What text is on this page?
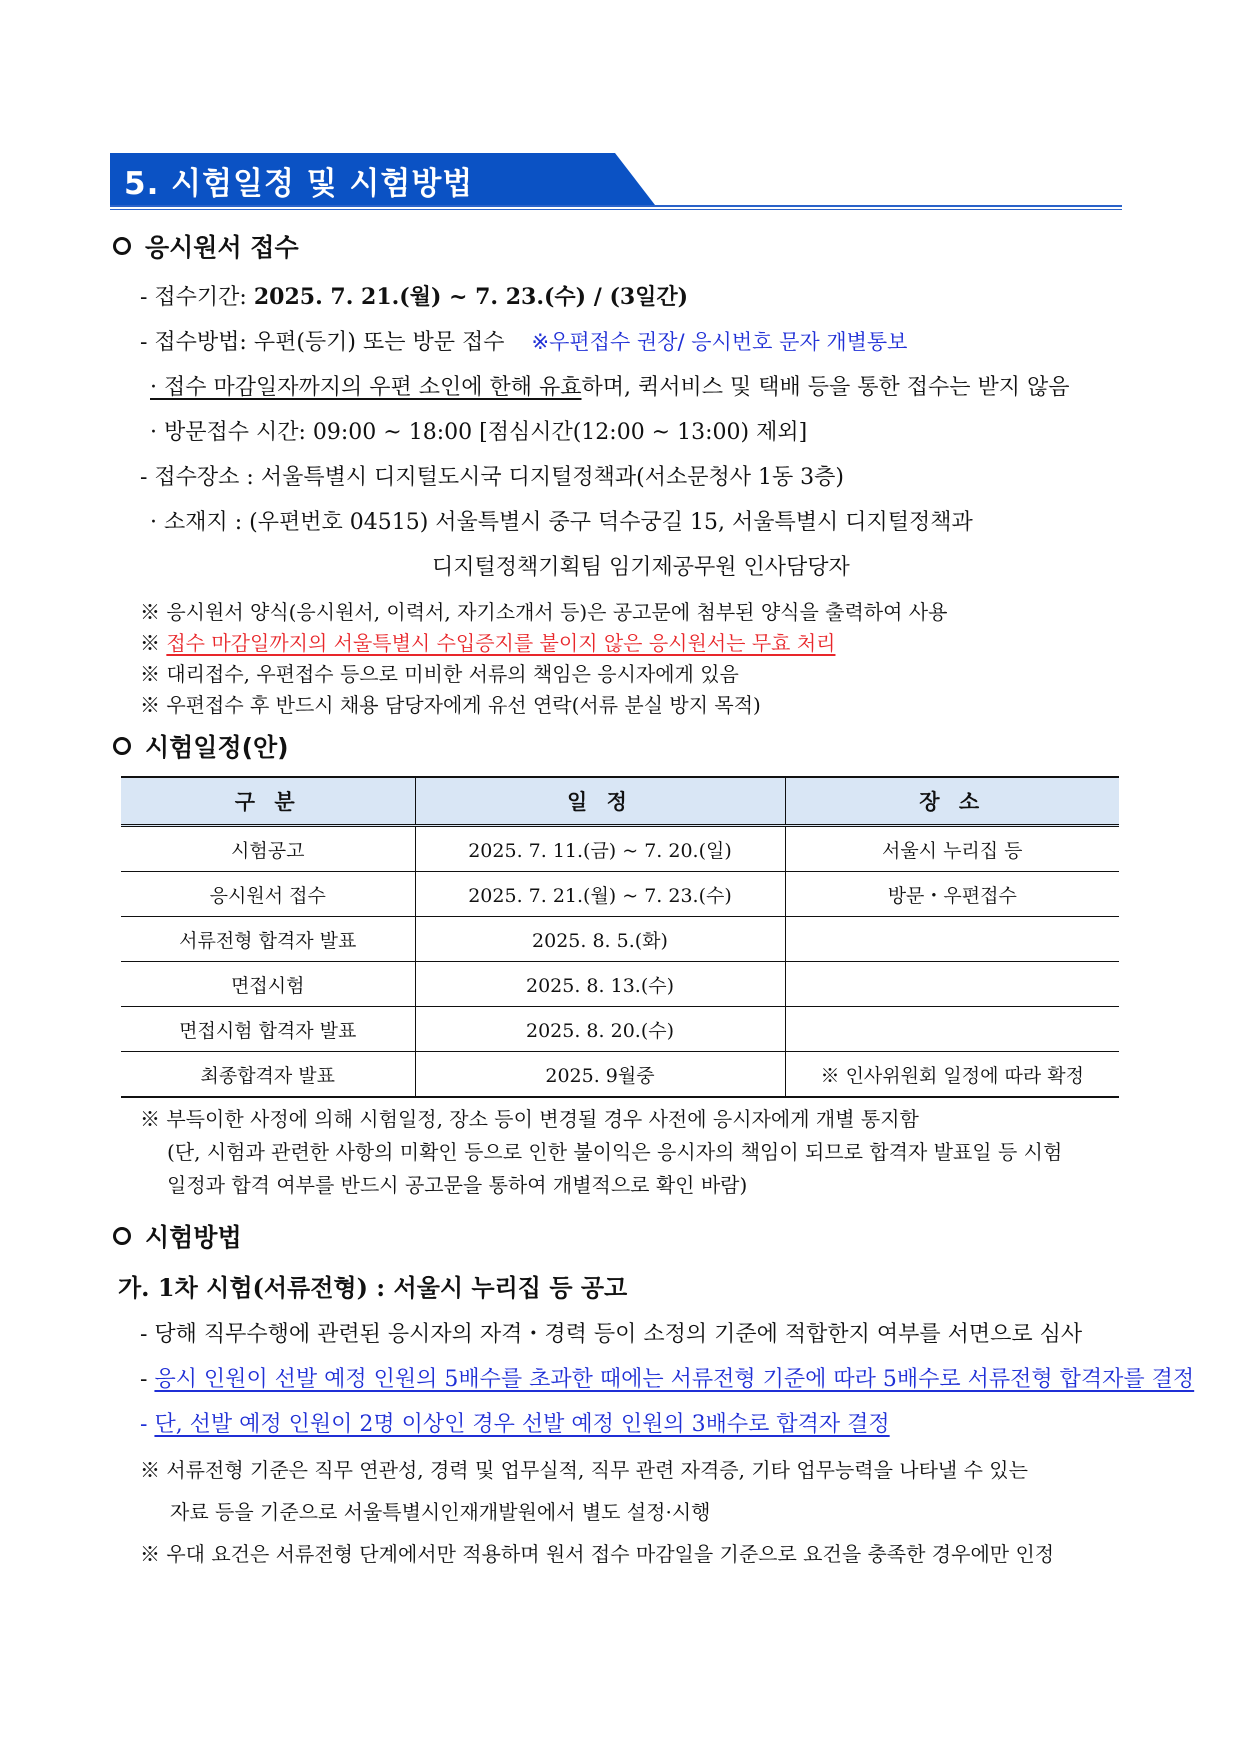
5. 시험일정 및 시험방법
응시원서 접수
- 접수기간: 2025. 7. 21.(월) ~ 7. 23.(수) / (3일간)
- 접수방법: 우편(등기) 또는 방문 접수 ※우편접수 권장/ 응시번호 문자 개별통보
· 접수 마감일자까지의 우편 소인에 한해 유효하며, 퀵서비스 및 택배 등을 통한 접수는 받지 않음
· 방문접수 시간: 09:00 ~ 18:00 [점심시간(12:00 ~ 13:00) 제외]
- 접수장소 : 서울특별시 디지털도시국 디지털정책과(서소문청사 1동 3층)
· 소재지 : (우편번호 04515) 서울특별시 중구 덕수궁길 15, 서울특별시 디지털정책과
디지털정책기획팀 임기제공무원 인사담당자
※ 응시원서 양식(응시원서, 이력서, 자기소개서 등)은 공고문에 첨부된 양식을 출력하여 사용
※ 접수 마감일까지의 서울특별시 수입증지를 붙이지 않은 응시원서는 무효 처리
※ 대리접수, 우편접수 등으로 미비한 서류의 책임은 응시자에게 있음
※ 우편접수 후 반드시 채용 담당자에게 유선 연락(서류 분실 방지 목적)
시험일정(안)
구 분	일 정	장 소
시험공고	2025. 7. 11.(금) ~ 7. 20.(일)	서울시 누리집 등
응시원서 접수	2025. 7. 21.(월) ~ 7. 23.(수)	방문・우편접수
서류전형 합격자 발표	2025. 8. 5.(화)	
면접시험	2025. 8. 13.(수)	
면접시험 합격자 발표	2025. 8. 20.(수)	
최종합격자 발표	2025. 9월중	※ 인사위원회 일정에 따라 확정
※ 부득이한 사정에 의해 시험일정, 장소 등이 변경될 경우 사전에 응시자에게 개별 통지함
(단, 시험과 관련한 사항의 미확인 등으로 인한 불이익은 응시자의 책임이 되므로 합격자 발표일 등 시험
일정과 합격 여부를 반드시 공고문을 통하여 개별적으로 확인 바람)
시험방법
가. 1차 시험(서류전형) : 서울시 누리집 등 공고
- 당해 직무수행에 관련된 응시자의 자격・경력 등이 소정의 기준에 적합한지 여부를 서면으로 심사
- 응시 인원이 선발 예정 인원의 5배수를 초과한 때에는 서류전형 기준에 따라 5배수로 서류전형 합격자를 결정
- 단, 선발 예정 인원이 2명 이상인 경우 선발 예정 인원의 3배수로 합격자 결정
※ 서류전형 기준은 직무 연관성, 경력 및 업무실적, 직무 관련 자격증, 기타 업무능력을 나타낼 수 있는
자료 등을 기준으로 서울특별시인재개발원에서 별도 설정·시행
※ 우대 요건은 서류전형 단계에서만 적용하며 원서 접수 마감일을 기준으로 요건을 충족한 경우에만 인정
